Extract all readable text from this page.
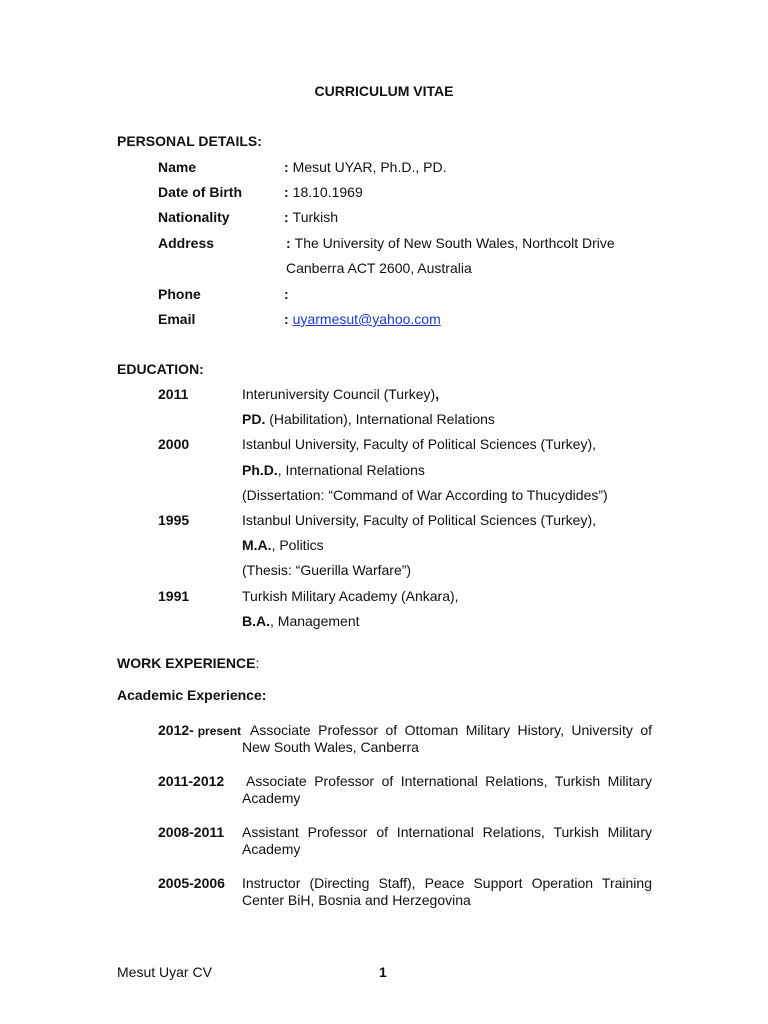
CURRICULUM VITAE
PERSONAL DETAILS:
Name	: Mesut UYAR, Ph.D., PD.
Date of Birth	: 18.10.1969
Nationality	: Turkish
Address	: The University of New South Wales, Northcolt Drive
Canberra ACT 2600, Australia
Phone	:
Email	: uyarmesut@yahoo.com
EDUCATION:
2011	Interuniversity Council (Turkey),
PD. (Habilitation), International Relations
2000	Istanbul University, Faculty of Political Sciences (Turkey),
Ph.D., International Relations
(Dissertation: “Command of War According to Thucydides”)
1995	Istanbul University, Faculty of Political Sciences (Turkey),
M.A., Politics
(Thesis: “Guerilla Warfare”)
1991	Turkish Military Academy (Ankara),
B.A., Management
WORK EXPERIENCE:
Academic Experience:
2012- present Associate Professor of Ottoman Military History, University of New South Wales, Canberra
2011-2012 Associate Professor of International Relations, Turkish Military Academy
2008-2011 Assistant Professor of International Relations, Turkish Military Academy
2005-2006 Instructor (Directing Staff), Peace Support Operation Training Center BiH, Bosnia and Herzegovina
Mesut Uyar CV	1
